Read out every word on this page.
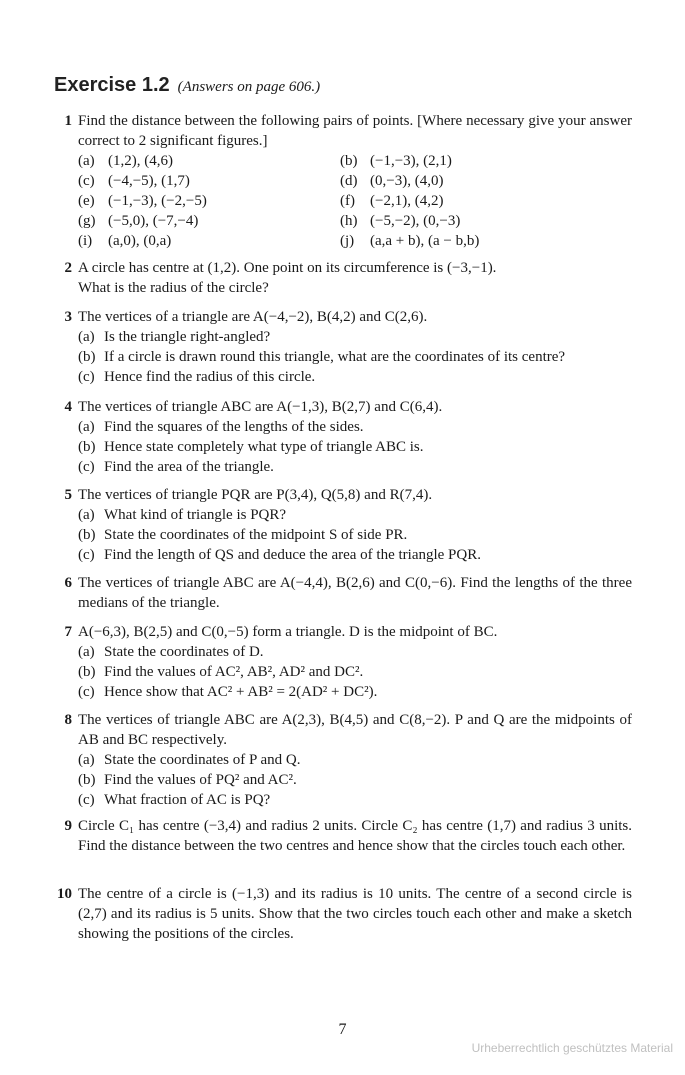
Exercise 1.2 (Answers on page 606.)
1 Find the distance between the following pairs of points. [Where necessary give your answer correct to 2 significant figures.]
(a) (1,2), (4,6)	(b) (−1,−3), (2,1)
(c) (−4,−5), (1,7)	(d) (0,−3), (4,0)
(e) (−1,−3), (−2,−5)	(f) (−2,1), (4,2)
(g) (−5,0), (−7,−4)	(h) (−5,−2), (0,−3)
(i) (a,0), (0,a)	(j) (a,a + b), (a − b,b)
2 A circle has centre at (1,2). One point on its circumference is (−3,−1).
What is the radius of the circle?
3 The vertices of a triangle are A(−4,−2), B(4,2) and C(2,6).
(a) Is the triangle right-angled?
(b) If a circle is drawn round this triangle, what are the coordinates of its centre?
(c) Hence find the radius of this circle.
4 The vertices of triangle ABC are A(−1,3), B(2,7) and C(6,4).
(a) Find the squares of the lengths of the sides.
(b) Hence state completely what type of triangle ABC is.
(c) Find the area of the triangle.
5 The vertices of triangle PQR are P(3,4), Q(5,8) and R(7,4).
(a) What kind of triangle is PQR?
(b) State the coordinates of the midpoint S of side PR.
(c) Find the length of QS and deduce the area of the triangle PQR.
6 The vertices of triangle ABC are A(−4,4), B(2,6) and C(0,−6). Find the lengths of the three medians of the triangle.
7 A(−6,3), B(2,5) and C(0,−5) form a triangle. D is the midpoint of BC.
(a) State the coordinates of D.
(b) Find the values of AC², AB², AD² and DC².
(c) Hence show that AC² + AB² = 2(AD² + DC²).
8 The vertices of triangle ABC are A(2,3), B(4,5) and C(8,−2). P and Q are the midpoints of AB and BC respectively.
(a) State the coordinates of P and Q.
(b) Find the values of PQ² and AC².
(c) What fraction of AC is PQ?
9 Circle C₁ has centre (−3,4) and radius 2 units. Circle C₂ has centre (1,7) and radius 3 units. Find the distance between the two centres and hence show that the circles touch each other.
10 The centre of a circle is (−1,3) and its radius is 10 units. The centre of a second circle is (2,7) and its radius is 5 units. Show that the two circles touch each other and make a sketch showing the positions of the circles.
7
Urheberrechtlich geschütztes Material
